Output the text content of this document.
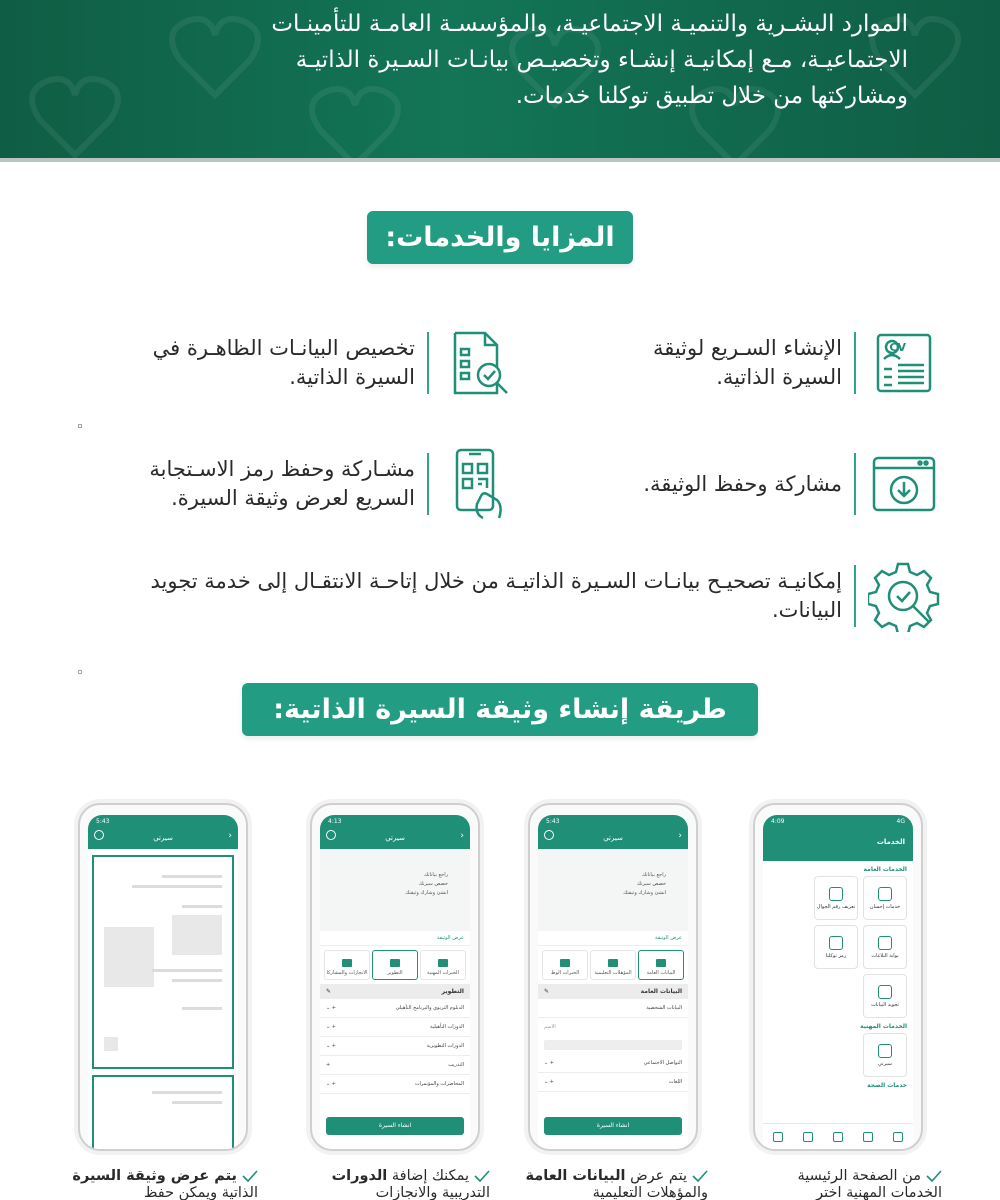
الموارد البشـرية والتنميـة الاجتماعيـة، والمؤسسـة العامـة للتأمينـات

الاجتماعيـة، مـع إمكانيـة إنشـاء وتخصيـص بيانـات السـيرة الذاتيـة

ومشاركتها من خلال تطبيق توكلنا خدمات.

المزايا والخدمات:
CV
الإنشاء السـريع لوثيقة السيرة الذاتية.
تخصيص البيانـات الظاهـرة في السيرة الذاتية.
مشاركة وحفظ الوثيقة.
مشـاركة وحفظ رمز الاسـتجابة السريع لعرض وثيقة السيرة.
إمكانيـة تصحيـح بيانـات السـيرة الذاتيـة من خلال إتاحـة الانتقـال إلى خدمة تجويد البيانات.
طريقة إنشاء وثيقة السيرة الذاتية:
4:09	4G
الخدمات
الخدمات العامة
خدمات إحسان
تعريف رقم الجوال
بوابة البلاغات
رمز توكلنا
تجويد البيانات
الخدمات المهنية
سيرتي
خدمات الصحة
5:43
سيرتي	‹
راجع بياناتك
خصص سيرتك
انشئ وشارك وثيقتك
عرض الوثيقة
البيانات العامة
المؤهلات التعليمية
الخبرات الوظ
البيانات العامة
✎
البيانات الشخصية
الاسم
التواصل الاجتماعي
+ ⌄
اللغات
+ ⌄
انشاء السيرة
4:13
سيرتي	‹
راجع بياناتك
خصص سيرتك
انشئ وشارك وثيقتك
عرض الوثيقة
الخبرات المهنية
التطوير
الانجازات والمشاركا
التطوير
✎
الدبلوم التربوي والبرنامج التأهيلي
+ ⌄
الدورات التأهيلية
+ ⌄
الدورات التطويرية
+ ⌄
التدريب
+
المحاضرات والمؤتمرات
+ ⌄
انشاء السيرة
5:43
سيرتي	‹
من الصفحة الرئيسية الخدمات المهنية اختر
يتم عرض البيانات العامة والمؤهلات التعليمية
يمكنك إضافة الدورات التدريبية والانجازات
يتم عرض وثيقة السيرة الذاتية ويمكن حفظ
